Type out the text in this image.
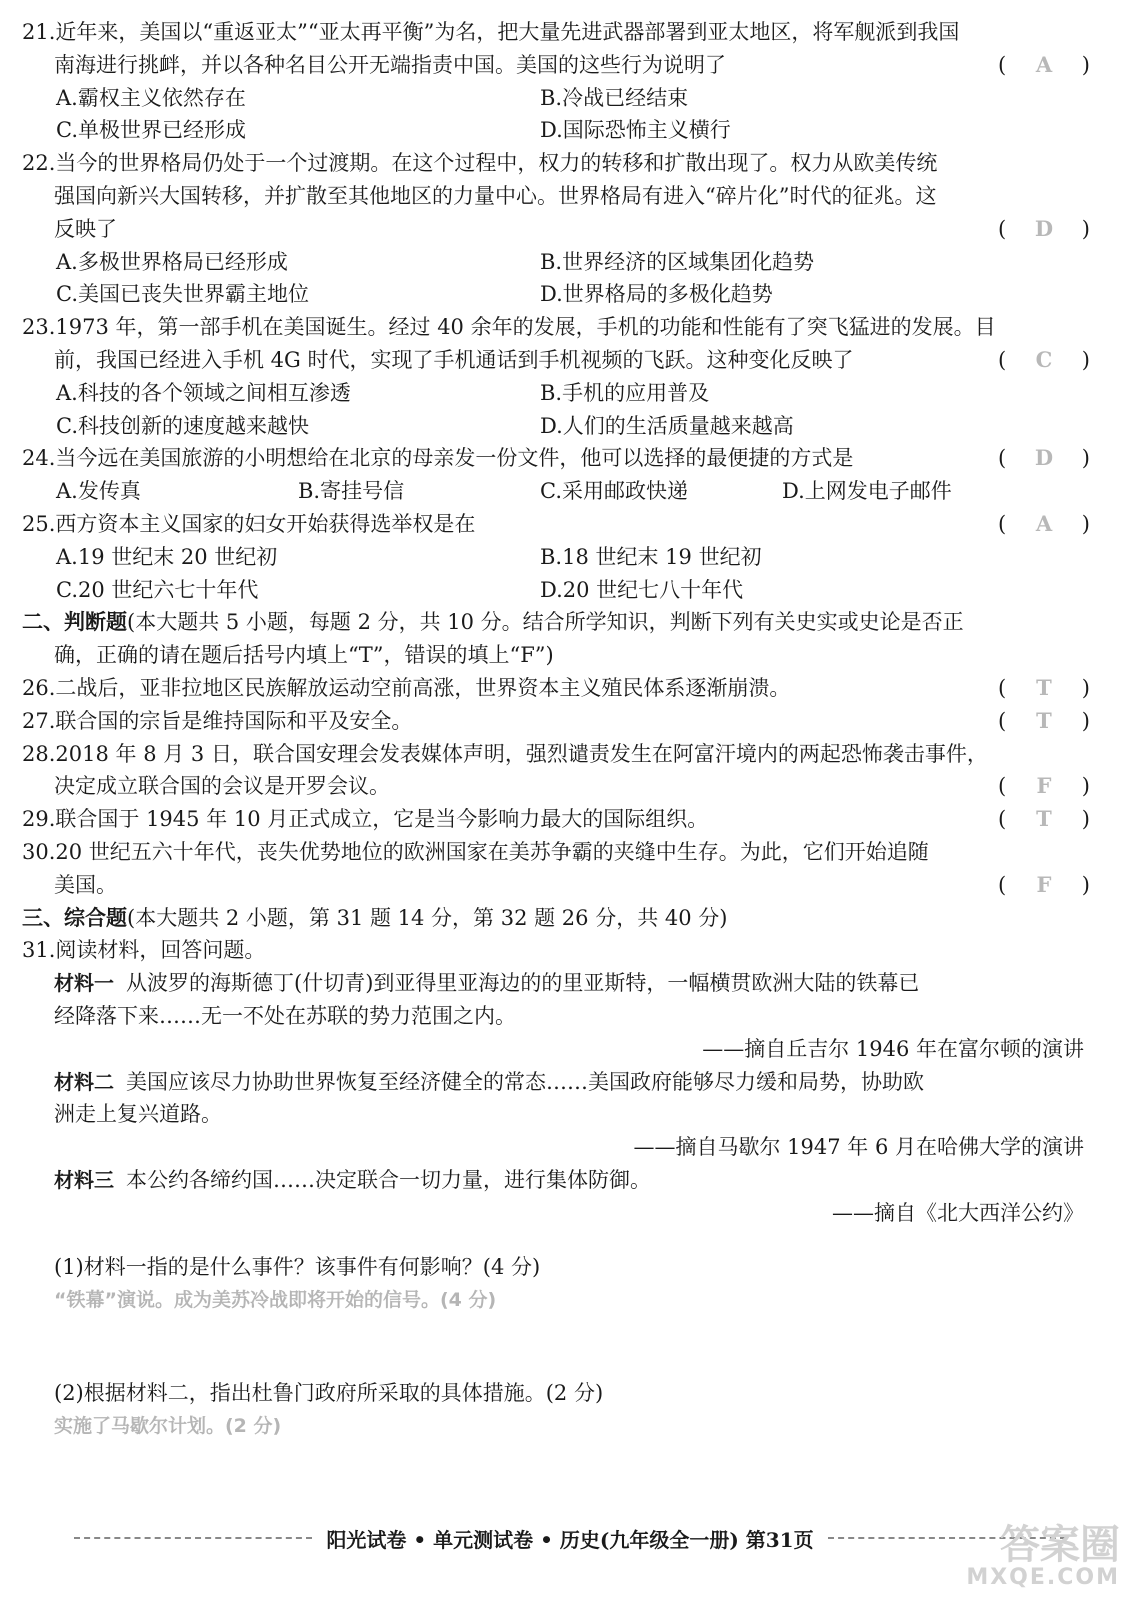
21.近年来，美国以“重返亚太”“亚太再平衡”为名，把大量先进武器部署到亚太地区，将军舰派到我国
南海进行挑衅，并以各种名目公开无端指责中国。美国的这些行为说明了	( A )
A.霸权主义依然存在	B.冷战已经结束
C.单极世界已经形成	D.国际恐怖主义横行
22.当今的世界格局仍处于一个过渡期。在这个过程中，权力的转移和扩散出现了。权力从欧美传统
强国向新兴大国转移，并扩散至其他地区的力量中心。世界格局有进入“碎片化”时代的征兆。这
反映了	( D )
A.多极世界格局已经形成	B.世界经济的区域集团化趋势
C.美国已丧失世界霸主地位	D.世界格局的多极化趋势
23.1973 年，第一部手机在美国诞生。经过 40 余年的发展，手机的功能和性能有了突飞猛进的发展。目
前，我国已经进入手机 4G 时代，实现了手机通话到手机视频的飞跃。这种变化反映了	( C )
A.科技的各个领域之间相互渗透	B.手机的应用普及
C.科技创新的速度越来越快	D.人们的生活质量越来越高
24.当今远在美国旅游的小明想给在北京的母亲发一份文件，他可以选择的最便捷的方式是	( D )
A.发传真	B.寄挂号信	C.采用邮政快递	D.上网发电子邮件
25.西方资本主义国家的妇女开始获得选举权是在	( A )
A.19 世纪末 20 世纪初	B.18 世纪末 19 世纪初
C.20 世纪六七十年代	D.20 世纪七八十年代
二、判断题(本大题共 5 小题，每题 2 分，共 10 分。结合所学知识，判断下列有关史实或史论是否正
确，正确的请在题后括号内填上“T”，错误的填上“F”)
26.二战后，亚非拉地区民族解放运动空前高涨，世界资本主义殖民体系逐渐崩溃。	( T )
27.联合国的宗旨是维持国际和平及安全。	( T )
28.2018 年 8 月 3 日，联合国安理会发表媒体声明，强烈谴责发生在阿富汗境内的两起恐怖袭击事件，
决定成立联合国的会议是开罗会议。	( F )
29.联合国于 1945 年 10 月正式成立，它是当今影响力最大的国际组织。	( T )
30.20 世纪五六十年代，丧失优势地位的欧洲国家在美苏争霸的夹缝中生存。为此，它们开始追随
美国。	( F )
三、综合题(本大题共 2 小题，第 31 题 14 分，第 32 题 26 分，共 40 分)
31.阅读材料，回答问题。
材料一 从波罗的海斯德丁(什切青)到亚得里亚海边的的里亚斯特，一幅横贯欧洲大陆的铁幕已
经降落下来……无一不处在苏联的势力范围之内。
——摘自丘吉尔 1946 年在富尔顿的演讲
材料二 美国应该尽力协助世界恢复至经济健全的常态……美国政府能够尽力缓和局势，协助欧
洲走上复兴道路。
——摘自马歇尔 1947 年 6 月在哈佛大学的演讲
材料三 本公约各缔约国……决定联合一切力量，进行集体防御。
——摘自《北大西洋公约》
(1)材料一指的是什么事件？该事件有何影响？(4 分)
“铁幕”演说。成为美苏冷战即将开始的信号。(4 分)
(2)根据材料二，指出杜鲁门政府所采取的具体措施。(2 分)
实施了马歇尔计划。(2 分)
阳光试卷 • 单元测试卷 • 历史(九年级全一册) 第31页	答案圈
MXQE.COM
